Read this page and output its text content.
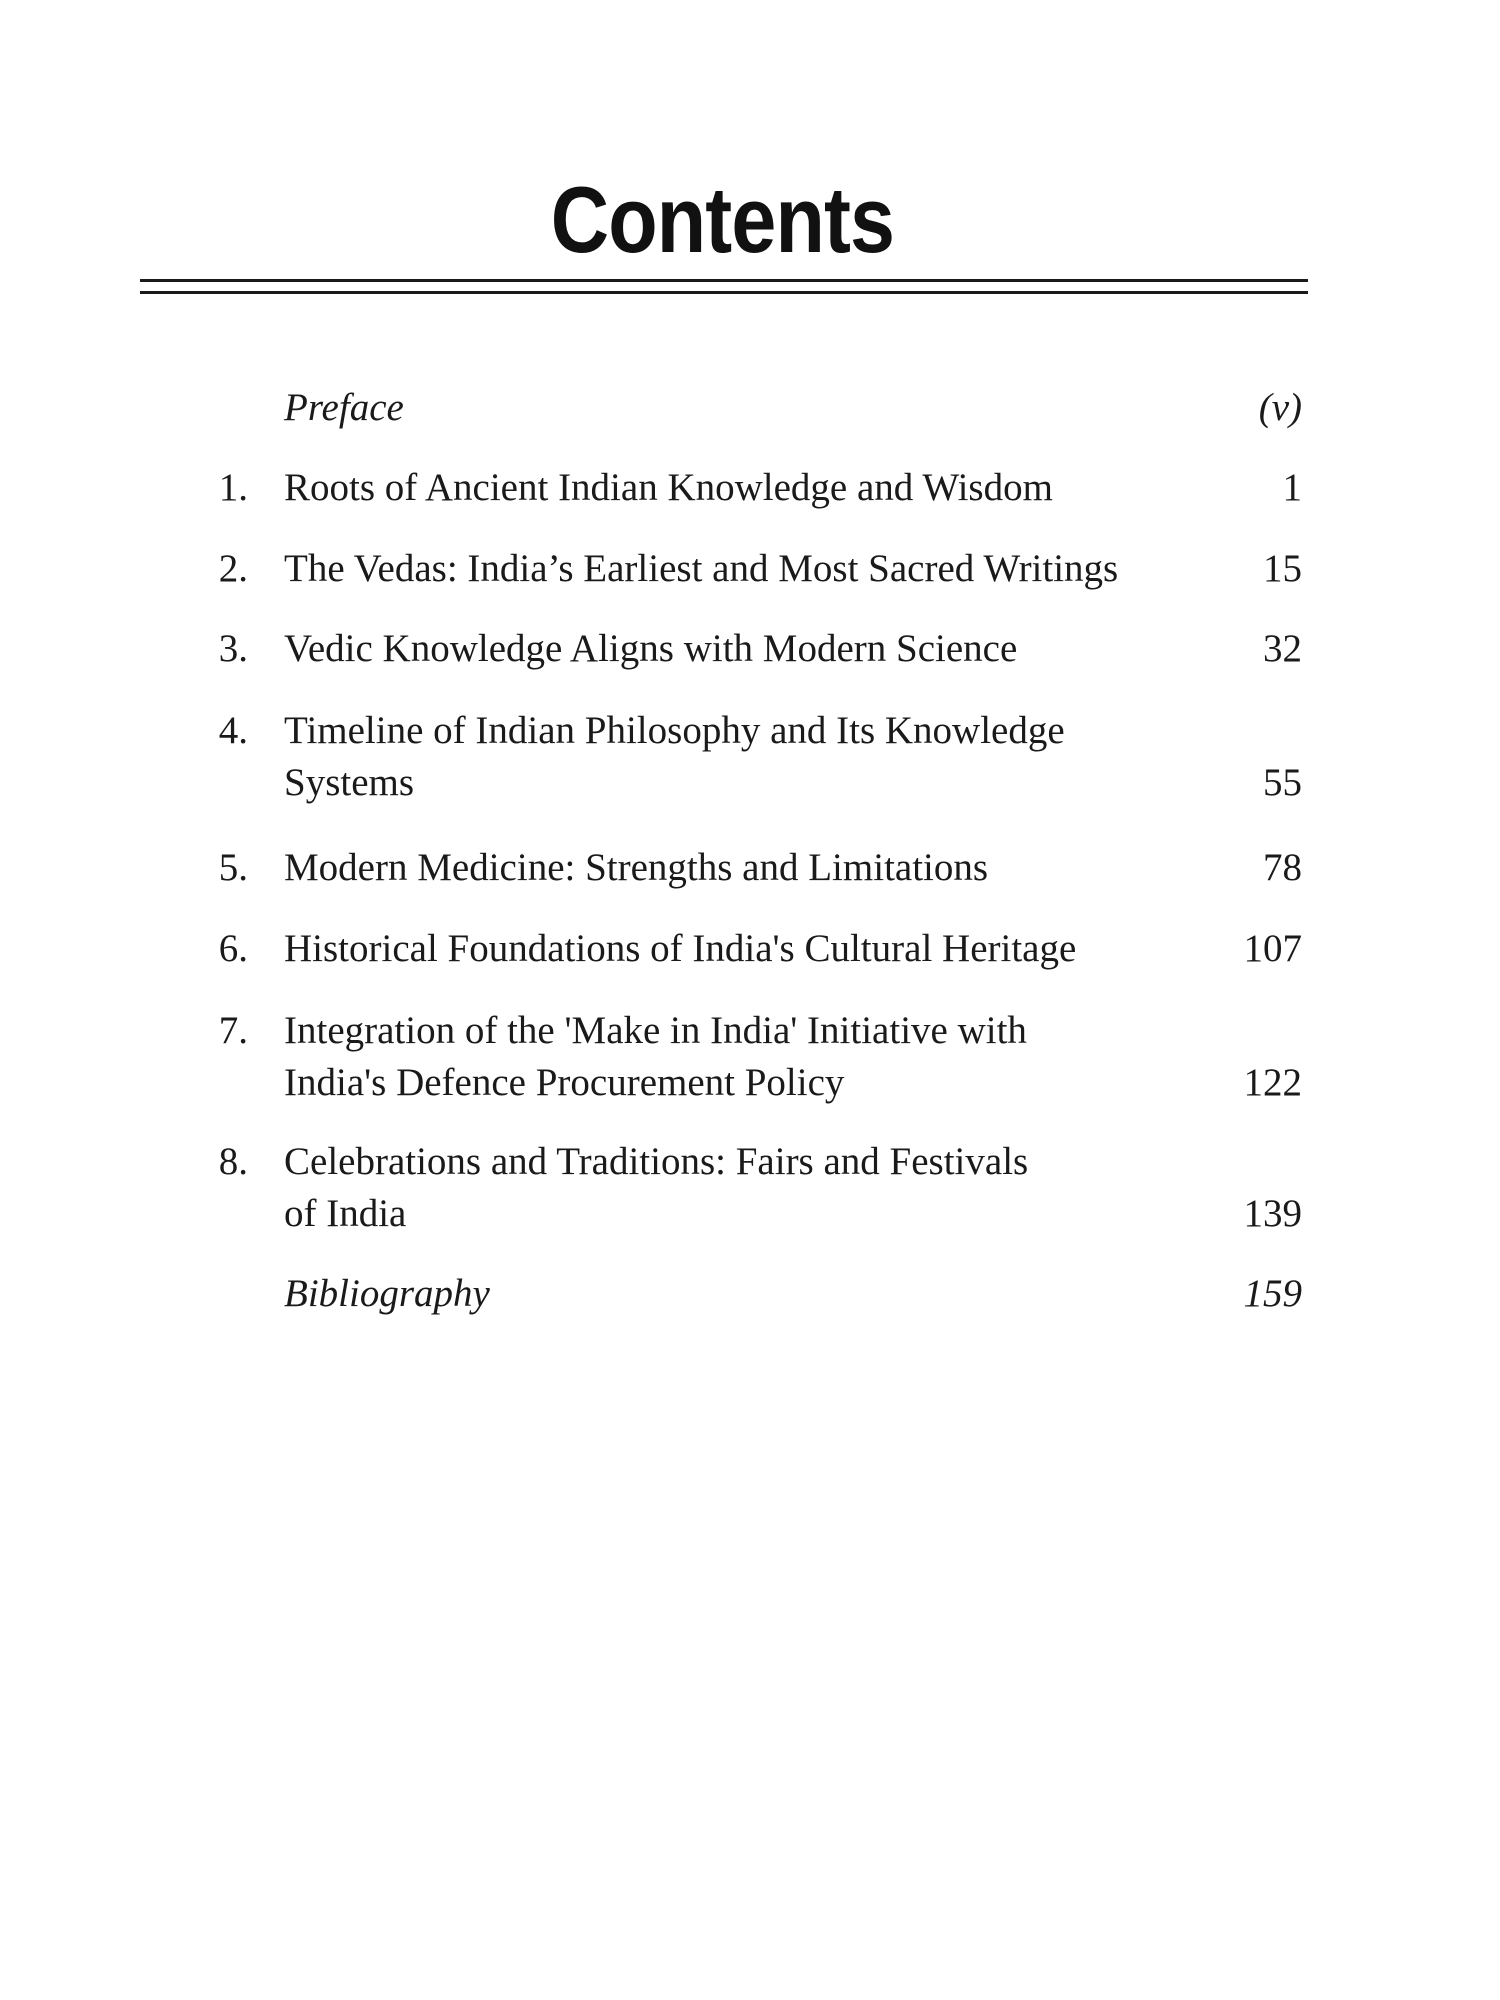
Contents
Preface	(v)
1. Roots of Ancient Indian Knowledge and Wisdom	1
2. The Vedas: India’s Earliest and Most Sacred Writings	15
3. Vedic Knowledge Aligns with Modern Science	32
4. Timeline of Indian Philosophy and Its Knowledge
Systems	55
5. Modern Medicine: Strengths and Limitations	78
6. Historical Foundations of India's Cultural Heritage	107
7. Integration of the 'Make in India' Initiative with
India's Defence Procurement Policy	122
8. Celebrations and Traditions: Fairs and Festivals
of India	139
Bibliography	159
